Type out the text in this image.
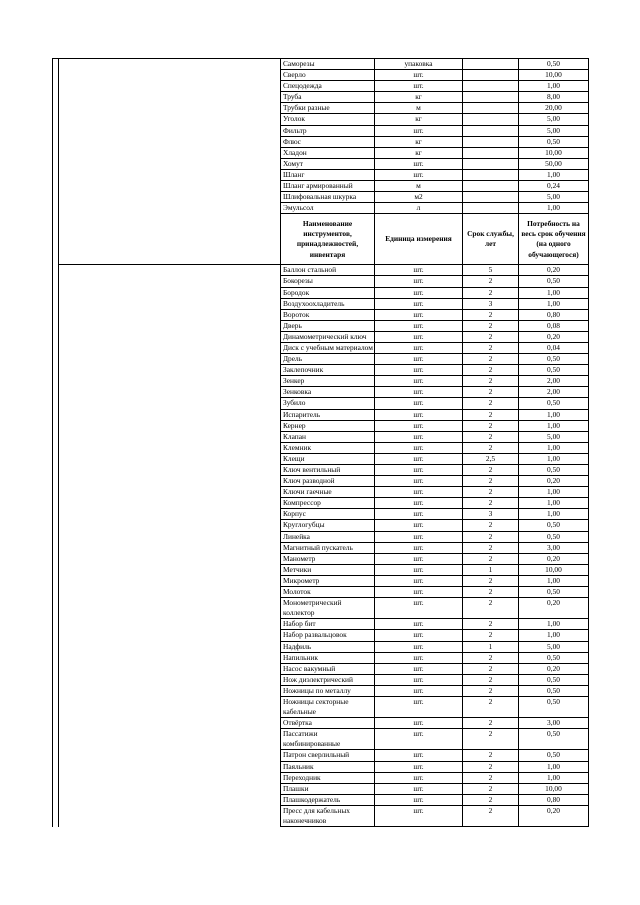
		Саморезы	упаковка		0,50
		Сверло	шт.		10,00
		Спецодежда	шт.		1,00
		Труба	кг		8,00
		Трубки разные	м		20,00
		Уголок	кг		5,00
		Фильтр	шт.		5,00
		Флюс	кг		0,50
		Хладон	кг		10,00
		Хомут	шт.		50,00
		Шланг	шт.		1,00
		Шланг армированный	м		0,24
		Шлифовальная шкурка	м2		5,00
		Эмульсол	л		1,00
		Наименование инструментов, принадлежностей, инвентаря	Единица измерения	Срок службы, лет	Потребность на весь срок обучения (на одного обучающегося)
		Баллон стальной	шт.	5	0,20
		Бокорезы	шт.	2	0,50
		Бородок	шт.	2	1,00
		Воздухоохладитель	шт.	3	1,00
		Вороток	шт.	2	0,80
		Дверь	шт.	2	0,08
		Динамометрический ключ	шт.	2	0,20
		Диск с учебным материалом	шт.	2	0,04
		Дрель	шт.	2	0,50
		Заклепочник	шт.	2	0,50
		Зенкер	шт.	2	2,00
		Зенковка	шт.	2	2,00
		Зубило	шт.	2	0,50
		Испаритель	шт.	2	1,00
		Кернер	шт.	2	1,00
		Клапан	шт.	2	5,00
		Клемник	шт.	2	1,00
		Клещи	шт.	2,5	1,00
		Ключ вентильный	шт.	2	0,50
		Ключ разводной	шт.	2	0,20
		Ключи гаечные	шт.	2	1,00
		Компрессор	шт.	2	1,00
		Корпус	шт.	3	1,00
		Круглогубцы	шт.	2	0,50
		Линейка	шт.	2	0,50
		Магнитный пускатель	шт.	2	3,00
		Манометр	шт.	2	0,20
		Метчики	шт.	1	10,00
		Микрометр	шт.	2	1,00
		Молоток	шт.	2	0,50
		Монометрический коллектор	шт.	2	0,20
		Набор бит	шт.	2	1,00
		Набор развальцовок	шт.	2	1,00
		Надфиль	шт.	1	5,00
		Напильник	шт.	2	0,50
		Насос вакумный	шт.	2	0,20
		Нож диэлектрический	шт.	2	0,50
		Ножницы по металлу	шт.	2	0,50
		Ножницы секторные кабельные	шт.	2	0,50
		Отвёртка	шт.	2	3,00
		Пассатижи комбинированные	шт.	2	0,50
		Патрон сверлильный	шт.	2	0,50
		Паяльник	шт.	2	1,00
		Переходник	шт.	2	1,00
		Плашки	шт.	2	10,00
		Плашкодержатель	шт.	2	0,80
		Пресс для кабельных наконечников	шт.	2	0,20
